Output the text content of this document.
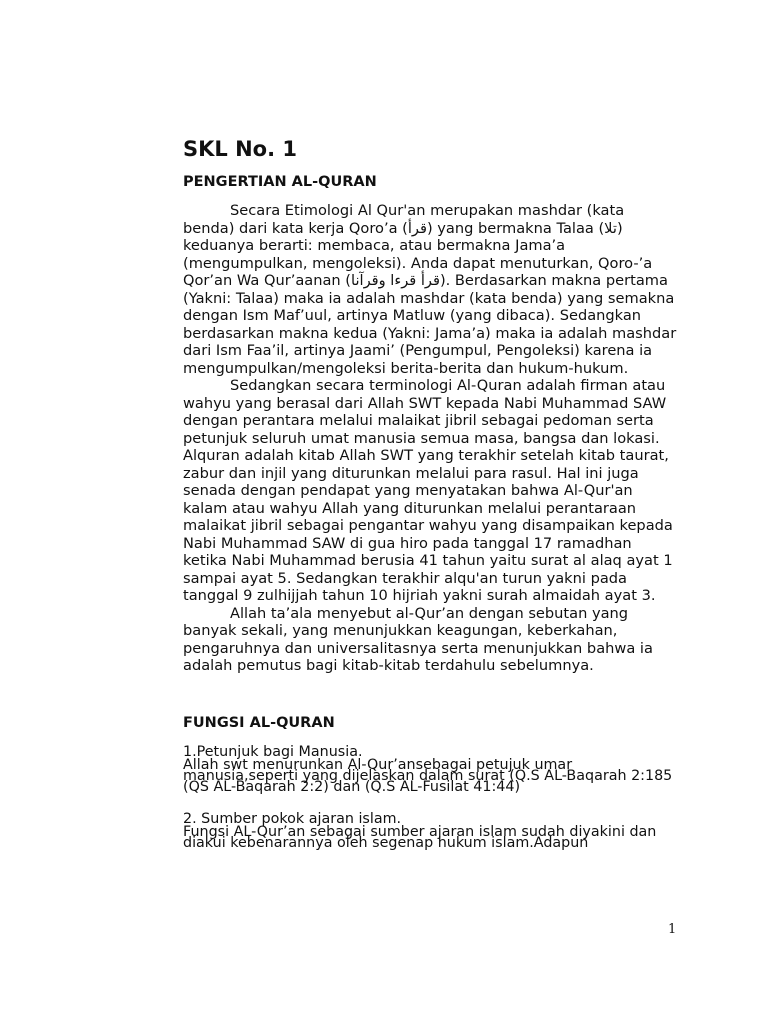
SKL No. 1
PENGERTIAN AL-QURAN

Secara Etimologi Al Qur'an merupakan mashdar (kata benda) dari kata kerja Qoro’a (قرأ) yang bermakna Talaa (تلا) keduanya berarti: membaca, atau bermakna Jama’a (mengumpulkan, mengoleksi). Anda dapat menuturkan, Qoro-’a Qor’an Wa Qur’aanan (قرأ قرءا وقرآنا). Berdasarkan makna pertama (Yakni: Talaa) maka ia adalah mashdar (kata benda) yang semakna dengan Ism Maf’uul, artinya Matluw (yang dibaca). Sedangkan berdasarkan makna kedua (Yakni: Jama’a) maka ia adalah mashdar dari Ism Faa’il, artinya Jaami’ (Pengumpul, Pengoleksi) karena ia mengumpulkan/mengoleksi berita-berita dan hukum-hukum.

Sedangkan secara terminologi Al-Quran adalah firman atau wahyu yang berasal dari Allah SWT kepada Nabi Muhammad SAW dengan perantara melalui malaikat jibril sebagai pedoman serta petunjuk seluruh umat manusia semua masa, bangsa dan lokasi. Alquran adalah kitab Allah SWT yang terakhir setelah kitab taurat, zabur dan injil yang diturunkan melalui para rasul. Hal ini juga senada dengan pendapat yang menyatakan bahwa Al-Qur'an kalam atau wahyu Allah yang diturunkan melalui perantaraan malaikat jibril sebagai pengantar wahyu yang disampaikan kepada Nabi Muhammad SAW di gua hiro pada tanggal 17 ramadhan ketika Nabi Muhammad berusia 41 tahun yaitu surat al alaq ayat 1 sampai ayat 5. Sedangkan terakhir alqu'an turun yakni pada tanggal 9 zulhijjah tahun 10 hijriah yakni surah almaidah ayat 3.

Allah ta’ala menyebut al-Qur’an dengan sebutan yang banyak sekali, yang menunjukkan keagungan, keberkahan, pengaruhnya dan universalitasnya serta menunjukkan bahwa ia adalah pemutus bagi kitab-kitab terdahulu sebelumnya.

FUNGSI AL-QURAN

1.Petunjuk bagi Manusia.

Allah swt menurunkan Al-Qur’ansebagai petujuk umar manusia,seperti yang dijelaskan dalam surat (Q.S AL-Baqarah 2:185 (QS AL-Baqarah 2:2) dan (Q.S AL-Fusilat 41:44)

2. Sumber pokok ajaran islam.

Fungsi AL-Qur’an sebagai sumber ajaran islam sudah diyakini dan diakui kebenarannya oleh segenap hukum islam.Adapun

1
